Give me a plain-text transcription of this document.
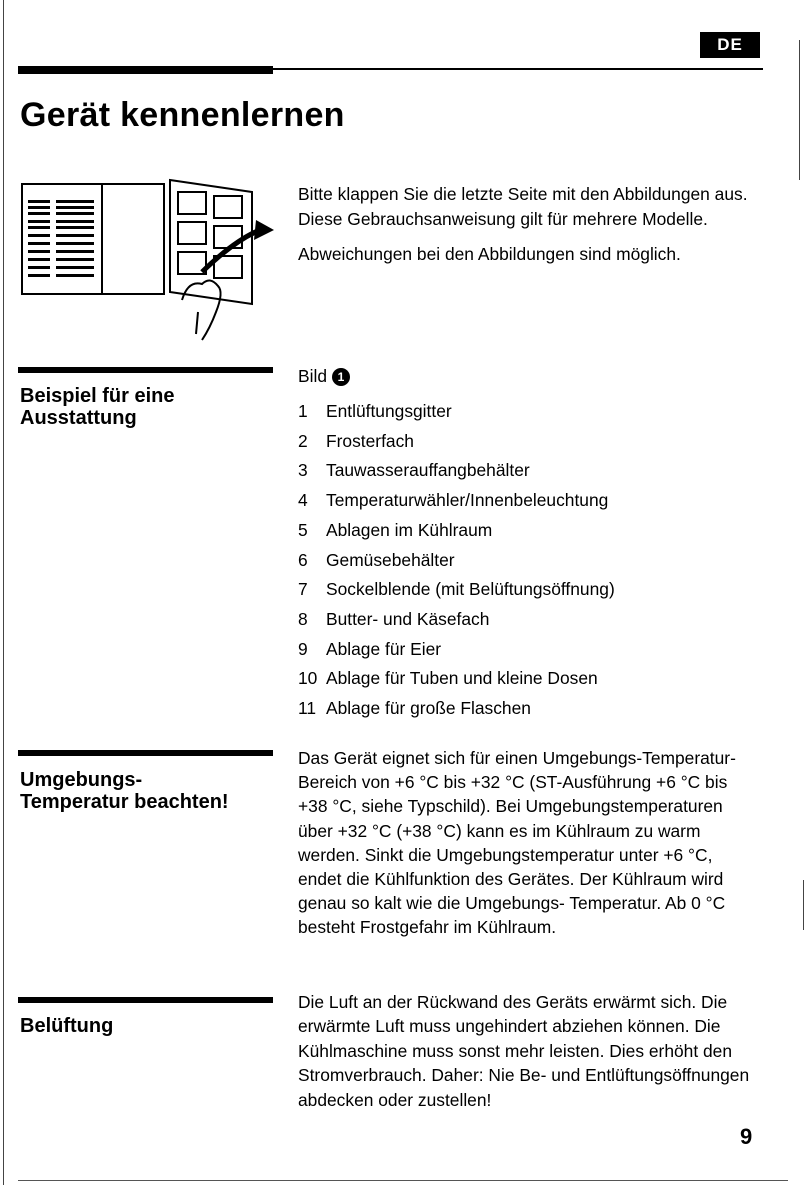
DE
Gerät kennenlernen

Bitte klappen Sie die letzte Seite mit den Abbildungen aus. Diese Gebrauchsanweisung gilt für mehrere Modelle.

Abweichungen bei den Abbildungen sind möglich.

Beispiel für eine
Ausstattung
Bild 1
1	Entlüftungsgitter
2	Frosterfach
3	Tauwasserauffangbehälter
4	Temperaturwähler/Innenbeleuchtung
5	Ablagen im Kühlraum
6	Gemüsebehälter
7	Sockelblende (mit Belüftungsöffnung)
8	Butter- und Käsefach
9	Ablage für Eier
10 Ablage für Tuben und kleine Dosen
11 Ablage für große Flaschen
Umgebungs-
Temperatur beachten!
Das Gerät eignet sich für einen Umgebungs-Temperatur-Bereich von +6 °C bis +32 °C (ST-Ausführung +6 °C bis +38 °C, siehe Typschild). Bei Umgebungstemperaturen über +32 °C (+38 °C) kann es im Kühlraum zu warm werden. Sinkt die Umgebungstemperatur unter +6 °C, endet die Kühlfunktion des Gerätes. Der Kühlraum wird genau so kalt wie die Umgebungs- Temperatur. Ab 0 °C besteht Frostgefahr im Kühlraum.
Belüftung
Die Luft an der Rückwand des Geräts erwärmt sich. Die erwärmte Luft muss ungehindert abziehen können. Die Kühlmaschine muss sonst mehr leisten. Dies erhöht den Stromverbrauch. Daher: Nie Be- und Entlüftungsöffnungen abdecken oder zustellen!
9
